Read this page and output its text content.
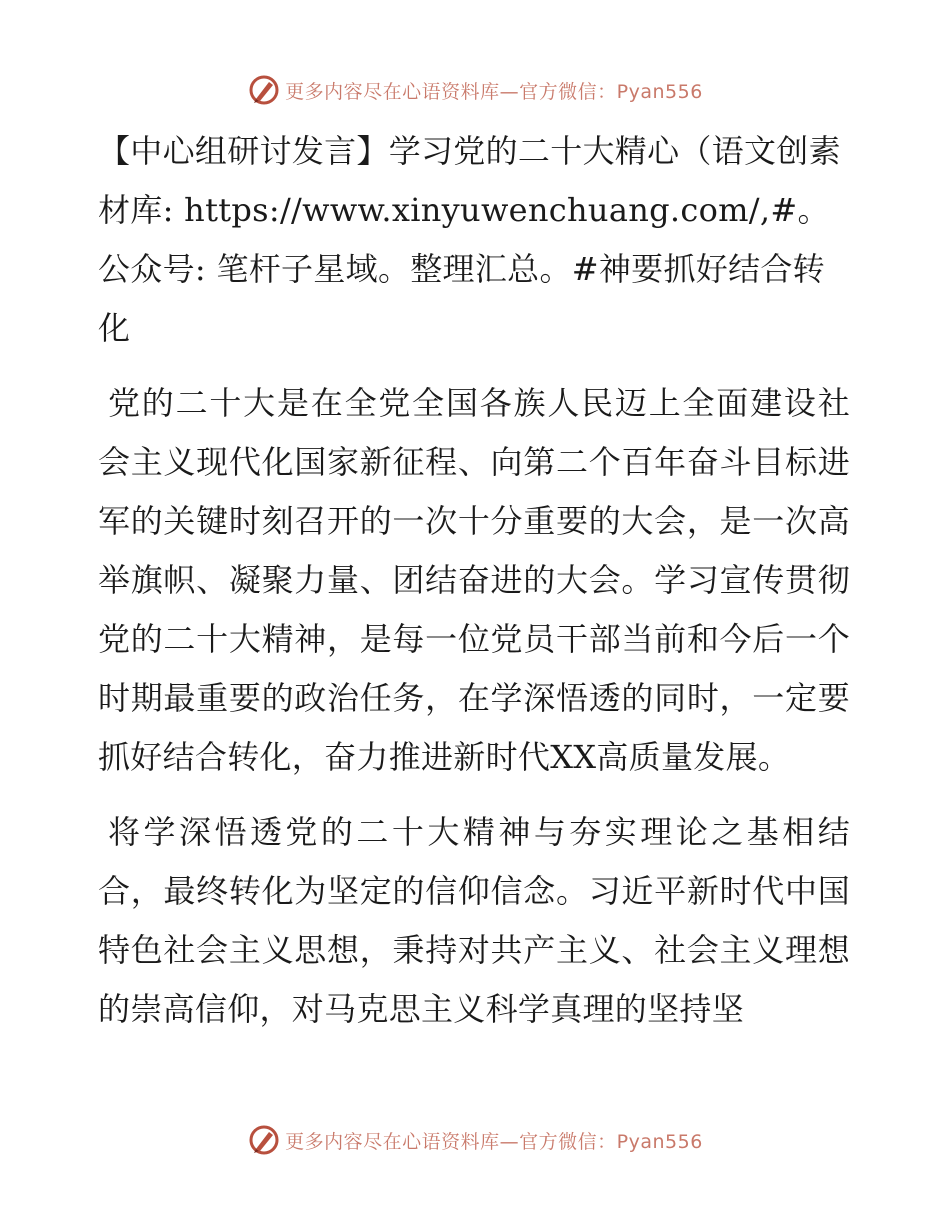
更多内容尽在心语资料库—官方微信：Pyan556
【中心组研讨发言】学习党的二十大精心（语文创素材库: https://www.xinyuwenchuang.com/,#。公众号: 笔杆子星域。整理汇总。#神要抓好结合转化

党的二十大是在全党全国各族人民迈上全面建设社会主义现代化国家新征程、向第二个百年奋斗目标进军的关键时刻召开的一次十分重要的大会，是一次高举旗帜、凝聚力量、团结奋进的大会。学习宣传贯彻党的二十大精神，是每一位党员干部当前和今后一个时期最重要的政治任务，在学深悟透的同时，一定要抓好结合转化，奋力推进新时代XX高质量发展。

将学深悟透党的二十大精神与夯实理论之基相结合，最终转化为坚定的信仰信念。习近平新时代中国特色社会主义思想，秉持对共产主义、社会主义理想的崇高信仰，对马克思主义科学真理的坚持坚

更多内容尽在心语资料库—官方微信：Pyan556
